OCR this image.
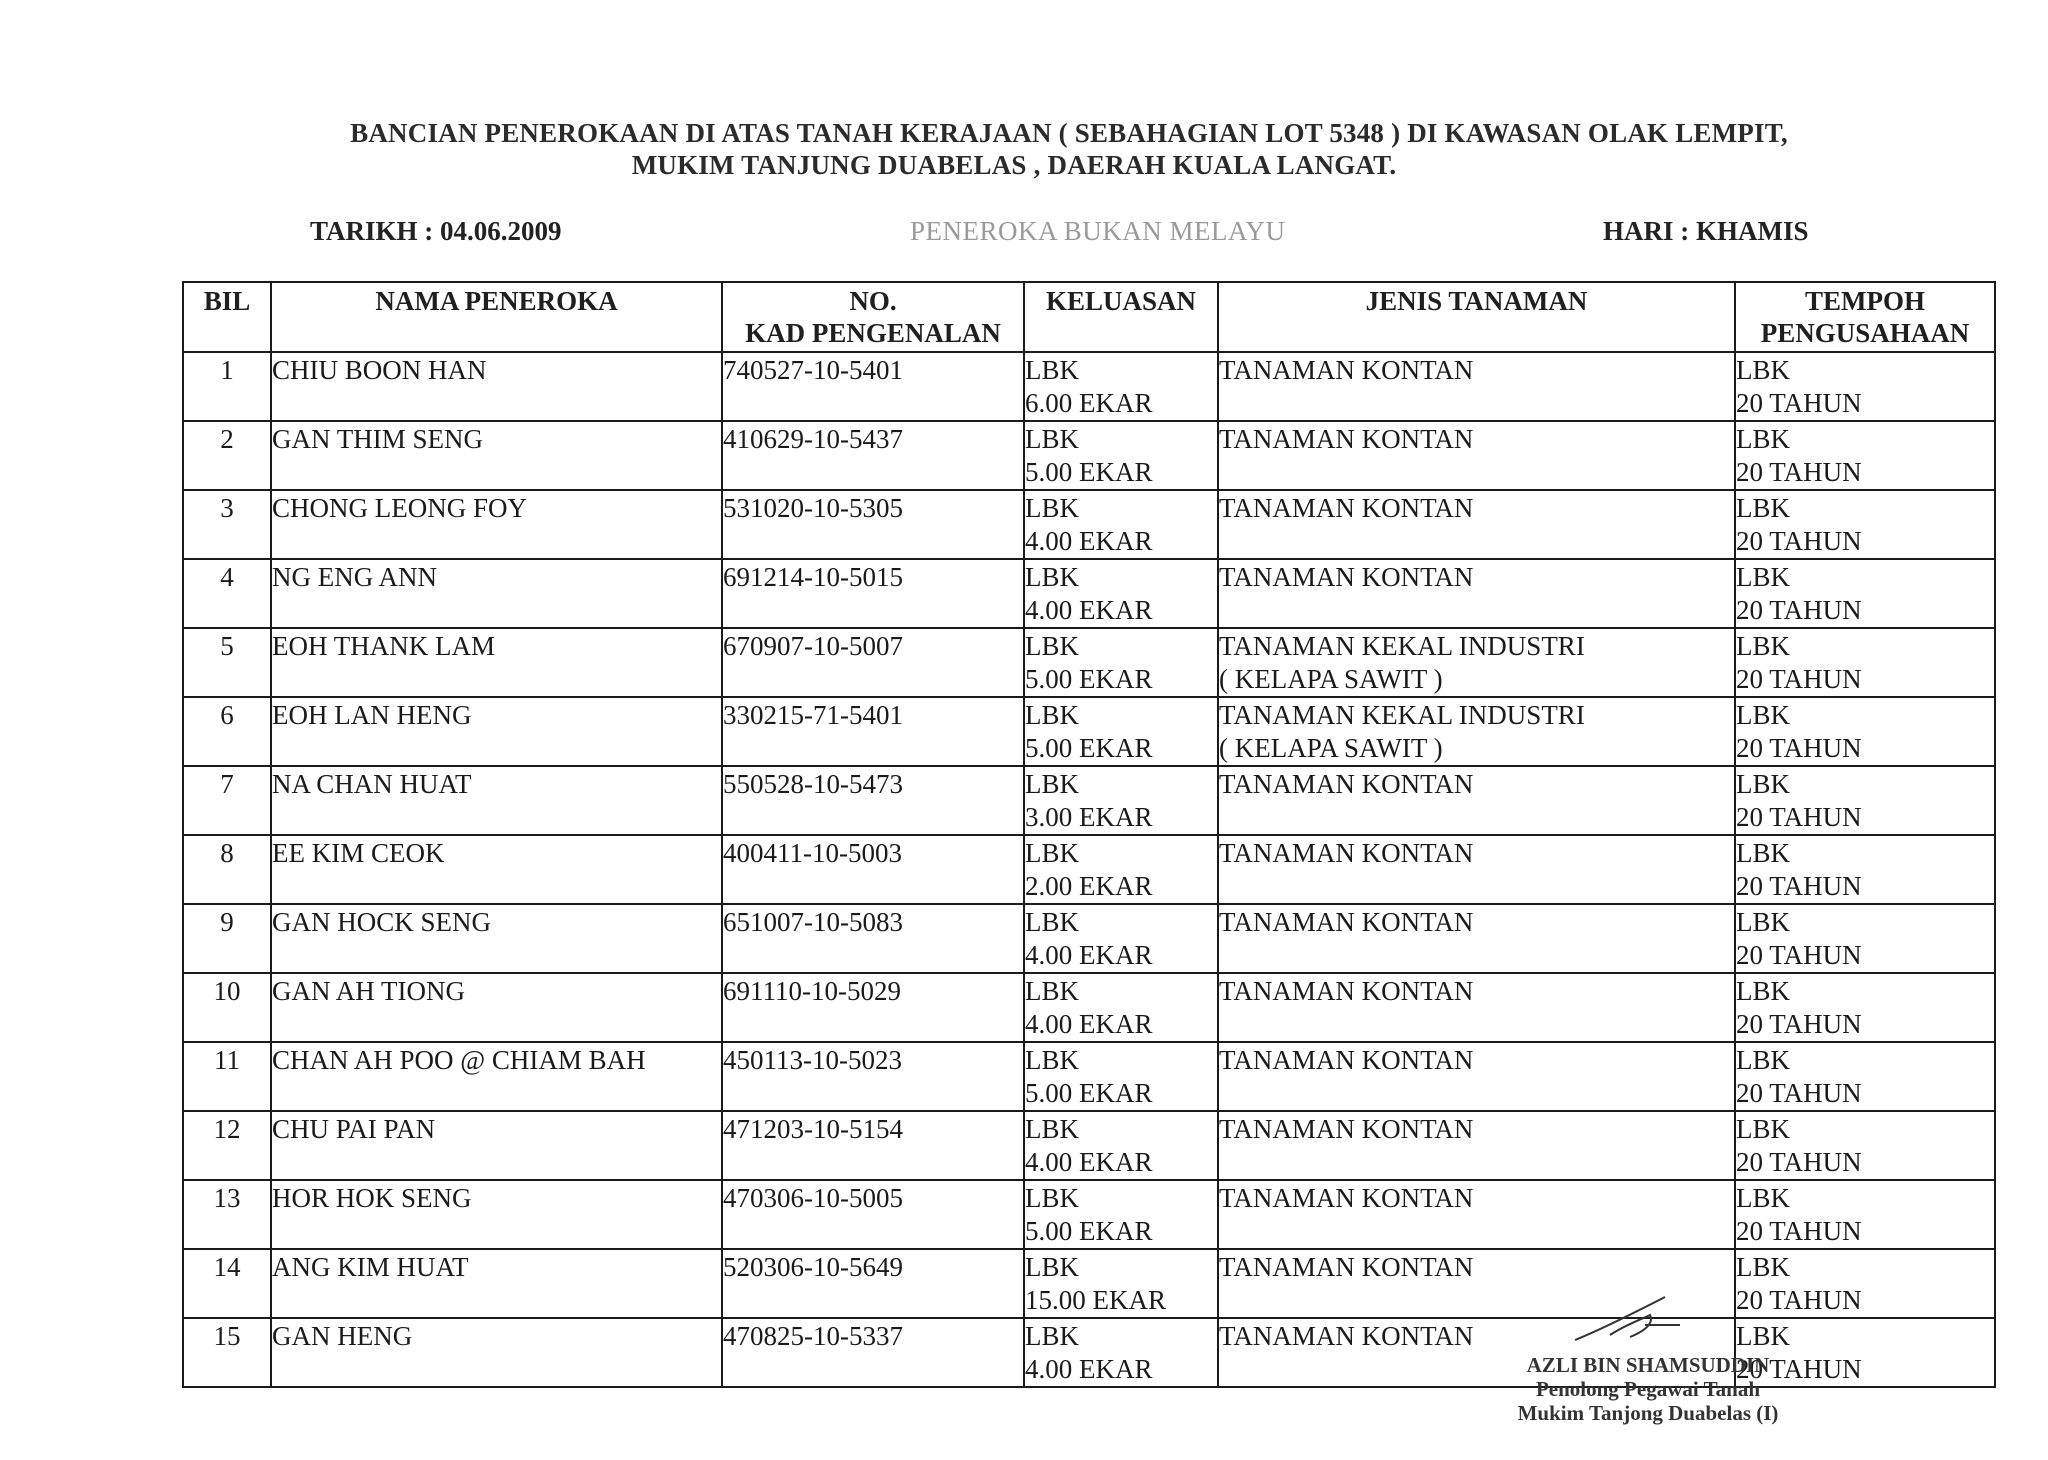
BANCIAN PENEROKAAN DI ATAS TANAH KERAJAAN ( SEBAHAGIAN LOT 5348 ) DI KAWASAN OLAK LEMPIT,
MUKIM TANJUNG DUABELAS , DAERAH KUALA LANGAT.
TARIKH : 04.06.2009	PENEROKA BUKAN MELAYU	HARI : KHAMIS
BIL	NAMA PENEROKA	NO.
KAD PENGENALAN	KELUASAN	JENIS TANAMAN	TEMPOH
PENGUSAHAAN

1	CHIU BOON HAN	740527-10-5401	LBK
6.00 EKAR	TANAMAN KONTAN	LBK
20 TAHUN

2	GAN THIM SENG	410629-10-5437	LBK
5.00 EKAR	TANAMAN KONTAN	LBK
20 TAHUN

3	CHONG LEONG FOY	531020-10-5305	LBK
4.00 EKAR	TANAMAN KONTAN	LBK
20 TAHUN

4	NG ENG ANN	691214-10-5015	LBK
4.00 EKAR	TANAMAN KONTAN	LBK
20 TAHUN

5	EOH THANK LAM	670907-10-5007	LBK
5.00 EKAR	TANAMAN KEKAL INDUSTRI
( KELAPA SAWIT )	LBK
20 TAHUN

6	EOH LAN HENG	330215-71-5401	LBK
5.00 EKAR	TANAMAN KEKAL INDUSTRI
( KELAPA SAWIT )	LBK
20 TAHUN

7	NA CHAN HUAT	550528-10-5473	LBK
3.00 EKAR	TANAMAN KONTAN	LBK
20 TAHUN

8	EE KIM CEOK	400411-10-5003	LBK
2.00 EKAR	TANAMAN KONTAN	LBK
20 TAHUN

9	GAN HOCK SENG	651007-10-5083	LBK
4.00 EKAR	TANAMAN KONTAN	LBK
20 TAHUN

10	GAN AH TIONG	691110-10-5029	LBK
4.00 EKAR	TANAMAN KONTAN	LBK
20 TAHUN

11	CHAN AH POO @ CHIAM BAH	450113-10-5023	LBK
5.00 EKAR	TANAMAN KONTAN	LBK
20 TAHUN

12	CHU PAI PAN	471203-10-5154	LBK
4.00 EKAR	TANAMAN KONTAN	LBK
20 TAHUN

13	HOR HOK SENG	470306-10-5005	LBK
5.00 EKAR	TANAMAN KONTAN	LBK
20 TAHUN

14	ANG KIM HUAT	520306-10-5649	LBK
15.00 EKAR	TANAMAN KONTAN	LBK
20 TAHUN

15	GAN HENG	470825-10-5337	LBK
4.00 EKAR	TANAMAN KONTAN	LBK
20 TAHUN
AZLI BIN SHAMSUDDIN
Penolong Pegawai Tanah
Mukim Tanjong Duabelas (I)
